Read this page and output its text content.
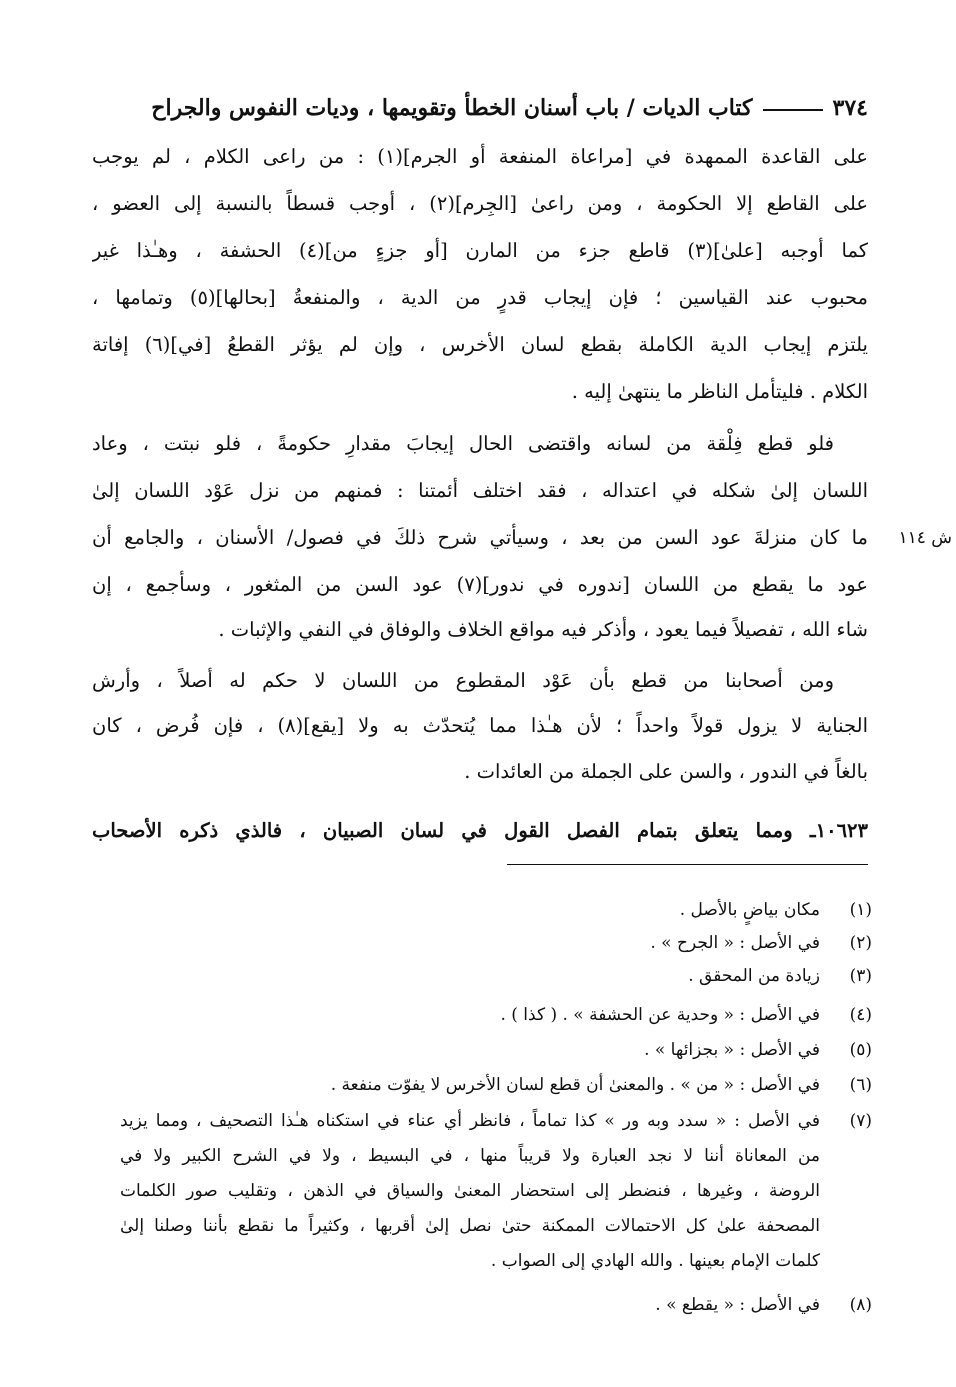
٣٧٤
كتاب الديات / باب أسنان الخطأ وتقويمها ، وديات النفوس والجراح
على القاعدة الممهدة في [مراعاة المنفعة أو الجرم](١) : من راعى الكلام ، لم يوجب
على القاطع إلا الحكومة ، ومن راعىٰ [الجِرم](٢) ، أوجب قسطاً بالنسبة إلى العضو ،
كما أوجبه [علىٰ](٣) قاطع جزء من المارن [أو جزءٍ من](٤) الحشفة ، وهـٰذا غير
محبوب عند القياسين ؛ فإن إيجاب قدرٍ من الدية ، والمنفعةُ [بحالها](٥) وتمامها ،
يلتزم إيجاب الدية الكاملة بقطع لسان الأخرس ، وإن لم يؤثر القطعُ [في](٦) إفاتة
الكلام . فليتأمل الناظر ما ينتهىٰ إليه .
فلو قطع فِلْقة من لسانه واقتضى الحال إيجابَ مقدارِ حكومةً ، فلو نبتت ، وعاد
اللسان إلىٰ شكله في اعتداله ، فقد اختلف أئمتنا : فمنهم من نزل عَوْد اللسان إلىٰ
ما كان منزلةَ عود السن من بعد ، وسيأتي شرح ذلكَ في فصول/ الأسنان ، والجامع أن
عود ما يقطع من اللسان [ندوره في ندور](٧) عود السن من المثغور ، وسأجمع ، إن
شاء الله ، تفصيلاً فيما يعود ، وأذكر فيه مواقع الخلاف والوفاق في النفي والإثبات .
ومن أصحابنا من قطع بأن عَوْد المقطوع من اللسان لا حكم له أصلاً ، وأرش
الجناية لا يزول قولاً واحداً ؛ لأن هـٰذا مما يُتحدّث به ولا [يقع](٨) ، فإن فُرض ، كان
بالغاً في الندور ، والسن على الجملة من العائدات .
١٠٦٢٣ـ ومما يتعلق بتمام الفصل القول في لسان الصبيان ، فالذي ذكره الأصحاب
ش ١١٤
(١)
مكان بياضٍ بالأصل .
(٢)
في الأصل : « الجرح » .
(٣)
زيادة من المحقق .
(٤)
في الأصل : « وحدية عن الحشفة » . ( كذا ) .
(٥)
في الأصل : « بجزائها » .
(٦)
في الأصل : « من » . والمعنىٰ أن قطع لسان الأخرس لا يفوّت منفعة .
(٧)
في الأصل : « سدد وبه ور » كذا تماماً ، فانظر أي عناء في استكناه هـٰذا التصحيف ، ومما يزيد
من المعاناة أننا لا نجد العبارة ولا قريباً منها ، في البسيط ، ولا في الشرح الكبير ولا في
الروضة ، وغيرها ، فنضطر إلى استحضار المعنىٰ والسياق في الذهن ، وتقليب صور الكلمات
المصحفة علىٰ كل الاحتمالات الممكنة حتىٰ نصل إلىٰ أقربها ، وكثيراً ما نقطع بأننا وصلنا إلىٰ
كلمات الإمام بعينها . والله الهادي إلى الصواب .
(٨)
في الأصل : « يقطع » .
